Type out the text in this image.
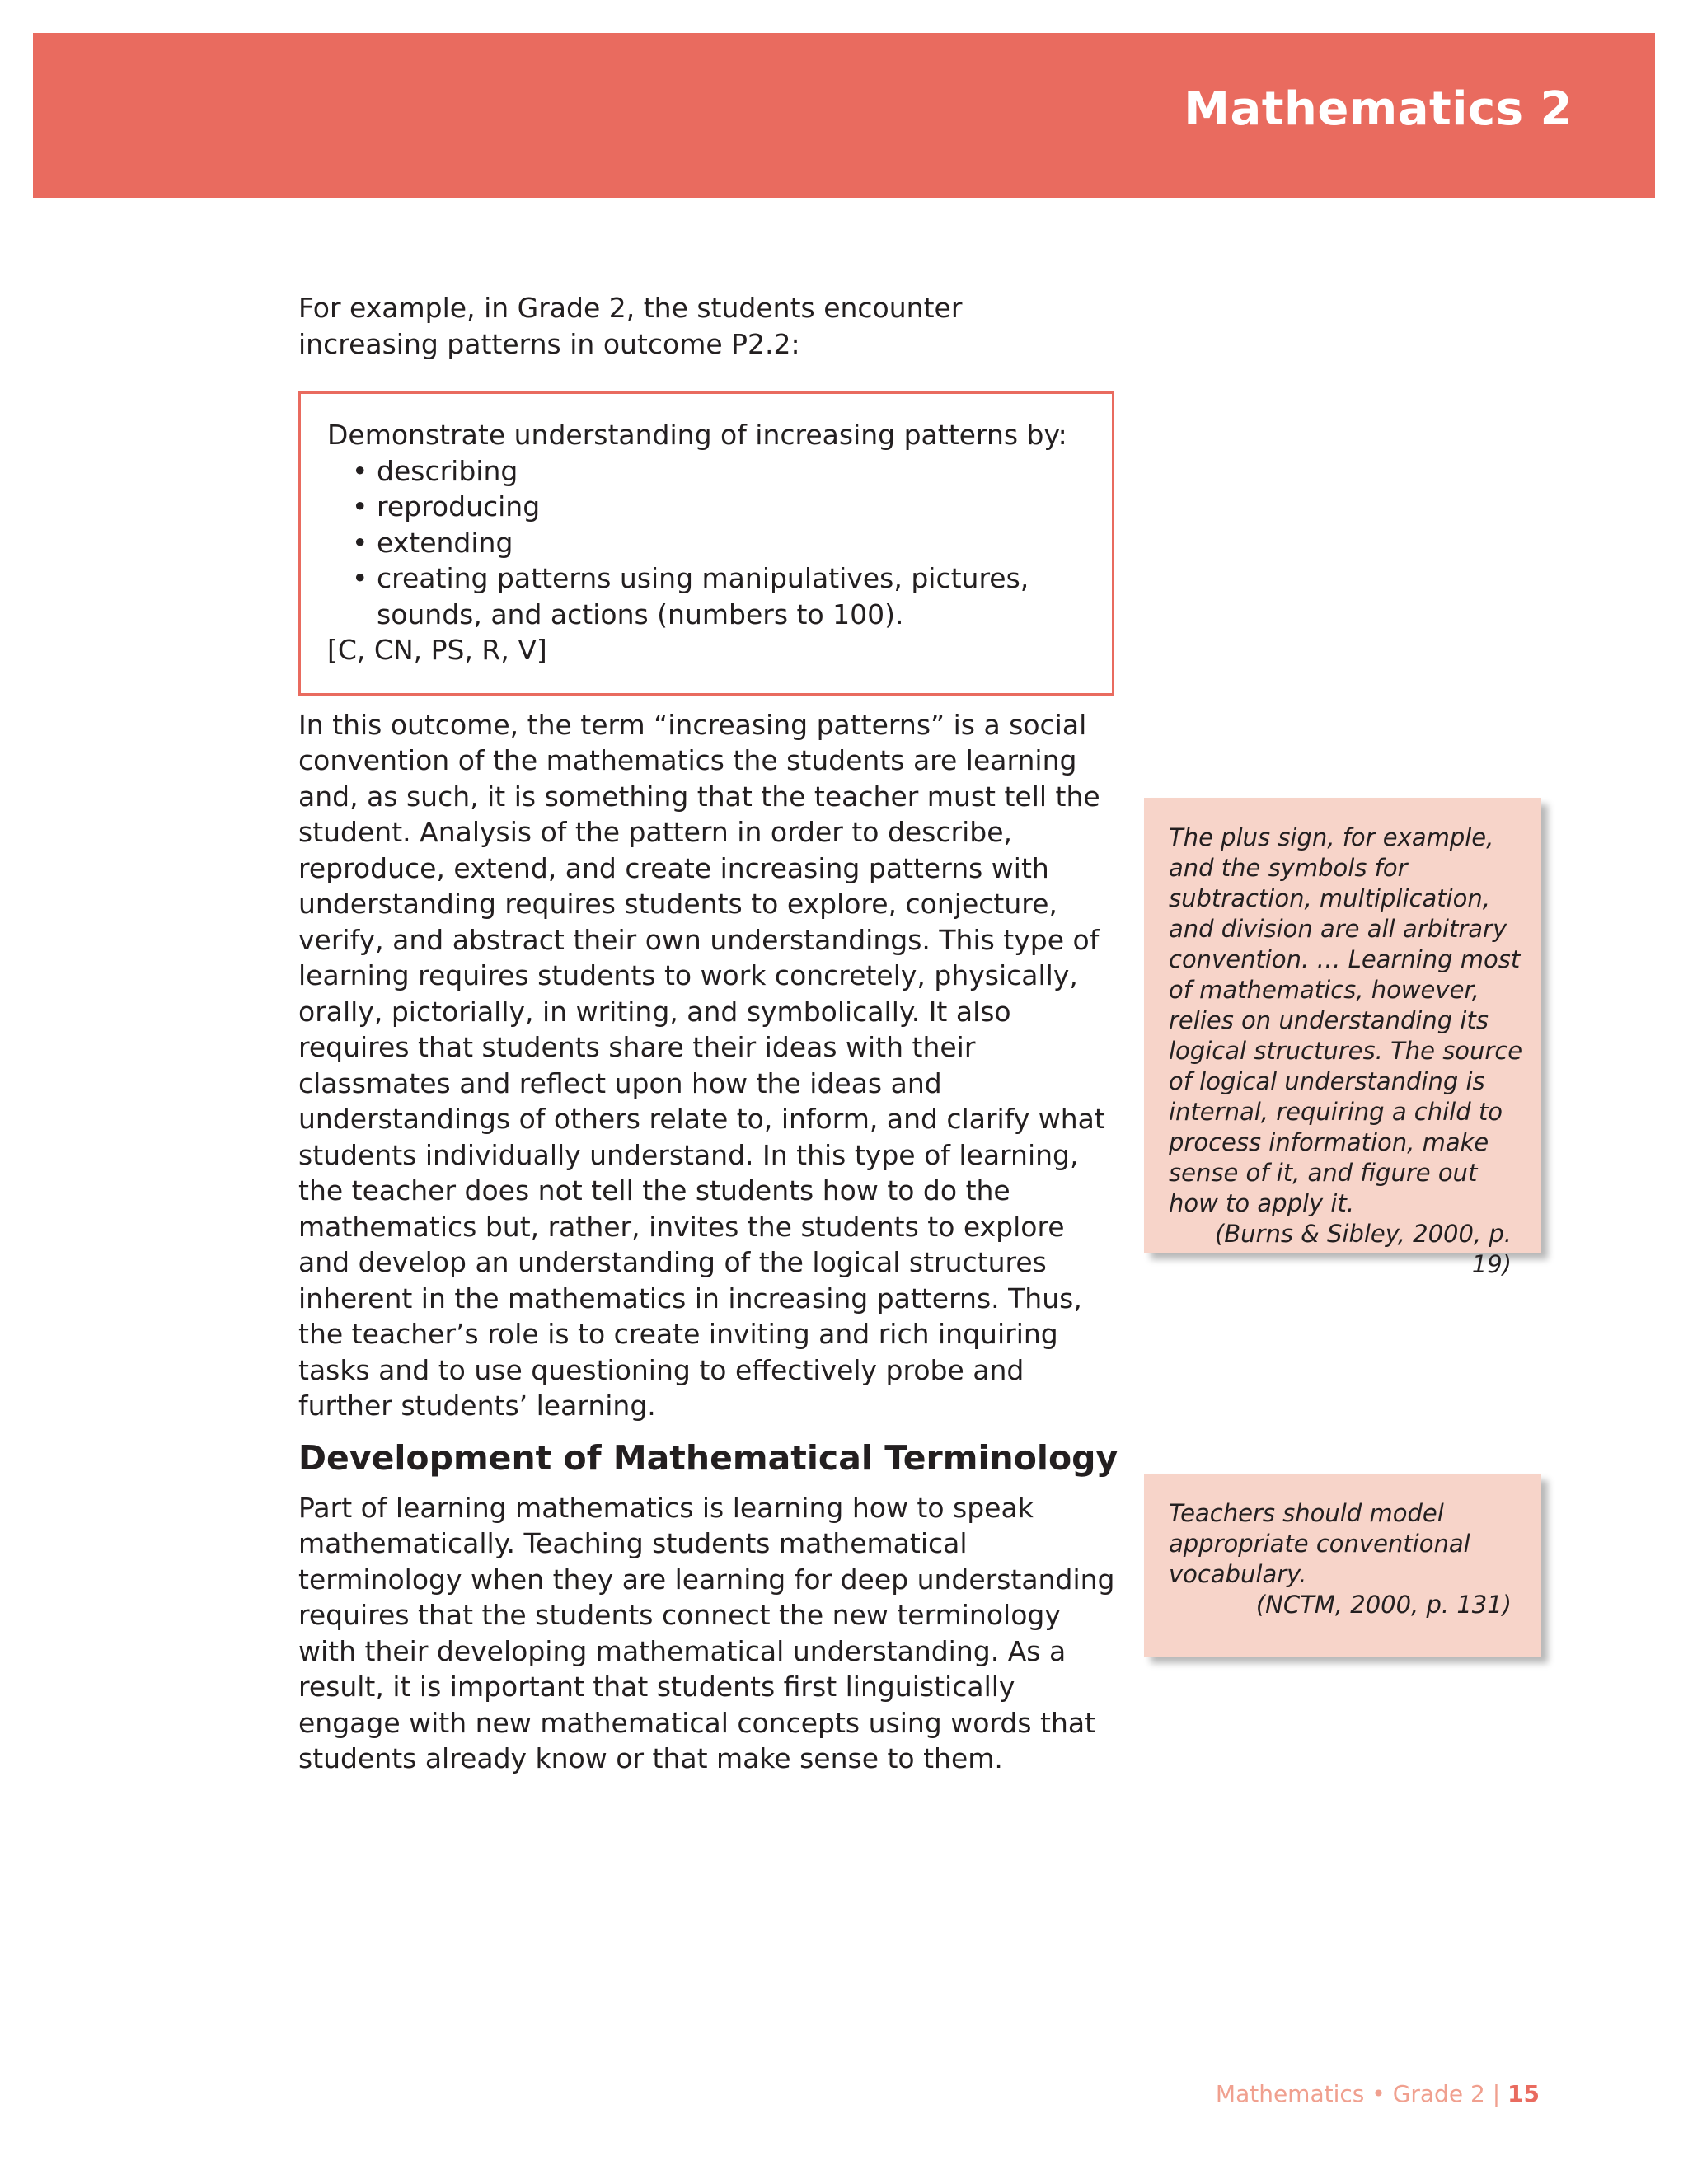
Mathematics 2

For example, in Grade 2, the students encounter increasing patterns in outcome P2.2:

Demonstrate understanding of increasing patterns by:
• describing
• reproducing
• extending
• creating patterns using manipulatives, pictures, sounds, and actions (numbers to 100).
[C, CN, PS, R, V]

In this outcome, the term “increasing patterns” is a social convention of the mathematics the students are learning and, as such, it is something that the teacher must tell the student. Analysis of the pattern in order to describe, reproduce, extend, and create increasing patterns with understanding requires students to explore, conjecture, verify, and abstract their own understandings. This type of learning requires students to work concretely, physically, orally, pictorially, in writing, and symbolically. It also requires that students share their ideas with their classmates and reflect upon how the ideas and understandings of others relate to, inform, and clarify what students individually understand. In this type of learning, the teacher does not tell the students how to do the mathematics but, rather, invites the students to explore and develop an understanding of the logical structures inherent in the mathematics in increasing patterns. Thus, the teacher’s role is to create inviting and rich inquiring tasks and to use questioning to effectively probe and further students’ learning.

Development of Mathematical Terminology

Part of learning mathematics is learning how to speak mathematically. Teaching students mathematical terminology when they are learning for deep understanding requires that the students connect the new terminology with their developing mathematical understanding. As a result, it is important that students first linguistically engage with new mathematical concepts using words that students already know or that make sense to them.

The plus sign, for example, and the symbols for subtraction, multiplication, and division are all arbitrary convention. … Learning most of mathematics, however, relies on understanding its logical structures. The source of logical understanding is internal, requiring a child to process information, make sense of it, and figure out how to apply it.
(Burns & Sibley, 2000, p. 19)
Teachers should model appropriate conventional vocabulary.
(NCTM, 2000, p. 131)
Mathematics • Grade 2 | 15
